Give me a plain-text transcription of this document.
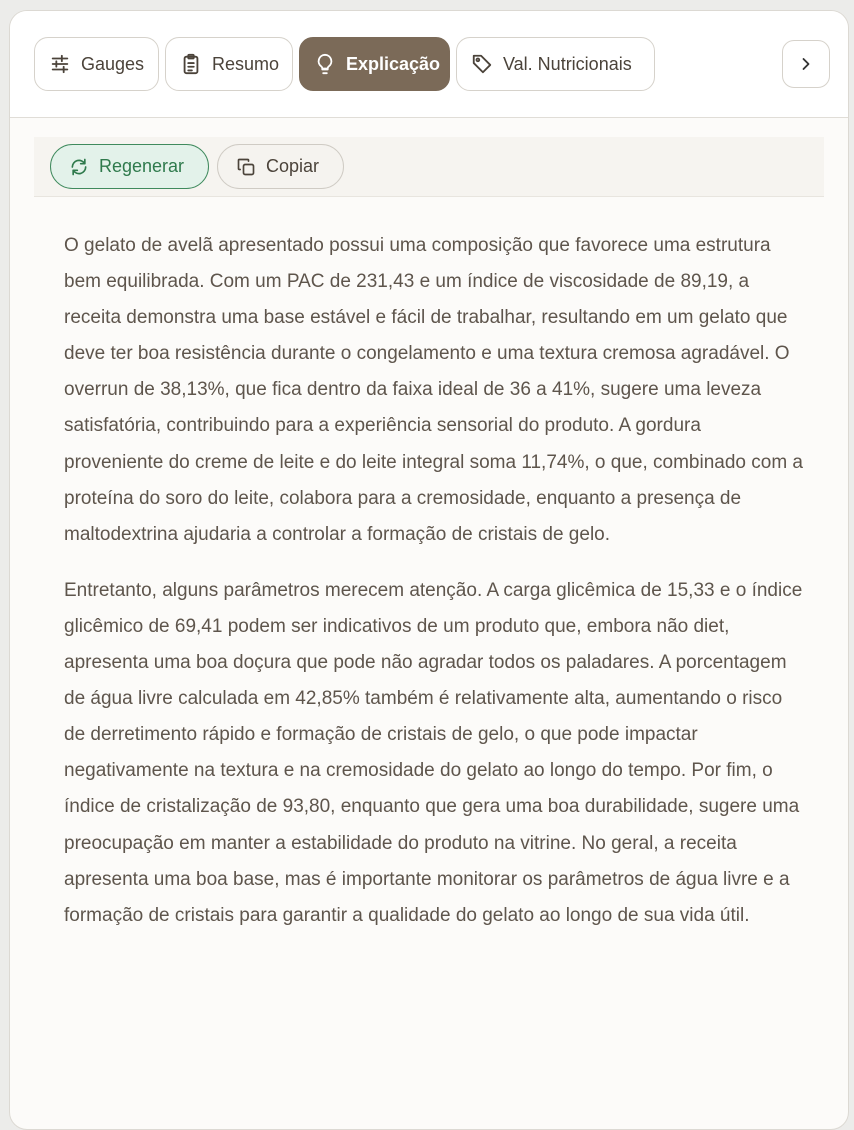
Gauges	Resumo	Explicação	Val. Nutricionais
Regenerar	Copiar

O gelato de avelã apresentado possui uma composição que favorece uma estrutura bem equilibrada. Com um PAC de 231,43 e um índice de viscosidade de 89,19, a receita demonstra uma base estável e fácil de trabalhar, resultando em um gelato que deve ter boa resistência durante o congelamento e uma textura cremosa agradável. O overrun de 38,13%, que fica dentro da faixa ideal de 36 a 41%, sugere uma leveza satisfatória, contribuindo para a experiência sensorial do produto. A gordura proveniente do creme de leite e do leite integral soma 11,74%, o que, combinado com a proteína do soro do leite, colabora para a cremosidade, enquanto a presença de maltodextrina ajudaria a controlar a formação de cristais de gelo.

Entretanto, alguns parâmetros merecem atenção. A carga glicêmica de 15,33 e o índice glicêmico de 69,41 podem ser indicativos de um produto que, embora não diet, apresenta uma boa doçura que pode não agradar todos os paladares. A porcentagem de água livre calculada em 42,85% também é relativamente alta, aumentando o risco de derretimento rápido e formação de cristais de gelo, o que pode impactar negativamente na textura e na cremosidade do gelato ao longo do tempo. Por fim, o índice de cristalização de 93,80, enquanto que gera uma boa durabilidade, sugere uma preocupação em manter a estabilidade do produto na vitrine. No geral, a receita apresenta uma boa base, mas é importante monitorar os parâmetros de água livre e a formação de cristais para garantir a qualidade do gelato ao longo de sua vida útil.
